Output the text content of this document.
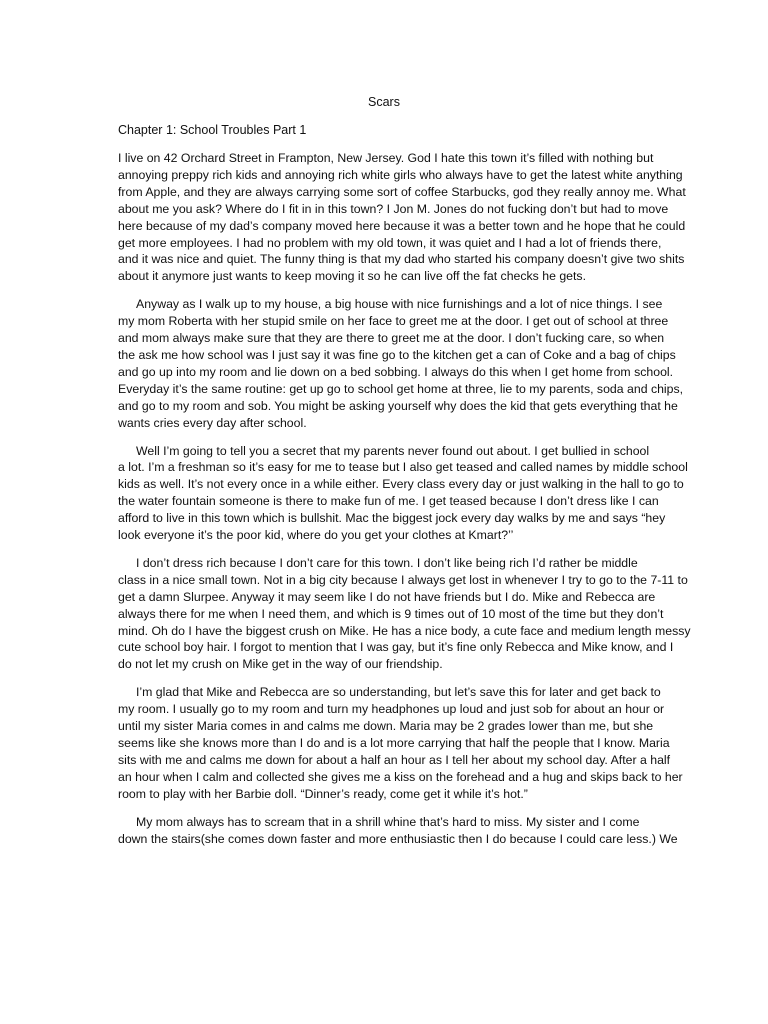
Scars
Chapter 1: School Troubles Part 1
I live on 42 Orchard Street in Frampton, New Jersey. God I hate this town it’s filled with nothing but
annoying preppy rich kids and annoying rich white girls who always have to get the latest white anything
from Apple, and they are always carrying some sort of coffee Starbucks, god they really annoy me. What
about me you ask? Where do I fit in in this town? I Jon M. Jones do not fucking don’t but had to move
here because of my dad’s company moved here because it was a better town and he hope that he could
get more employees. I had no problem with my old town, it was quiet and I had a lot of friends there,
and it was nice and quiet. The funny thing is that my dad who started his company doesn’t give two shits
about it anymore just wants to keep moving it so he can live off the fat checks he gets.
Anyway as I walk up to my house, a big house with nice furnishings and a lot of nice things. I see
my mom Roberta with her stupid smile on her face to greet me at the door. I get out of school at three
and mom always make sure that they are there to greet me at the door. I don’t fucking care, so when
the ask me how school was I just say it was fine go to the kitchen get a can of Coke and a bag of chips
and go up into my room and lie down on a bed sobbing. I always do this when I get home from school.
Everyday it’s the same routine: get up go to school get home at three, lie to my parents, soda and chips,
and go to my room and sob. You might be asking yourself why does the kid that gets everything that he
wants cries every day after school.
Well I’m going to tell you a secret that my parents never found out about. I get bullied in school
a lot. I’m a freshman so it’s easy for me to tease but I also get teased and called names by middle school
kids as well. It’s not every once in a while either. Every class every day or just walking in the hall to go to
the water fountain someone is there to make fun of me. I get teased because I don’t dress like I can
afford to live in this town which is bullshit. Mac the biggest jock every day walks by me and says “hey
look everyone it’s the poor kid, where do you get your clothes at Kmart?’’
I don’t dress rich because I don’t care for this town. I don’t like being rich I’d rather be middle
class in a nice small town. Not in a big city because I always get lost in whenever I try to go to the 7-11 to
get a damn Slurpee. Anyway it may seem like I do not have friends but I do. Mike and Rebecca are
always there for me when I need them, and which is 9 times out of 10 most of the time but they don’t
mind. Oh do I have the biggest crush on Mike. He has a nice body, a cute face and medium length messy
cute school boy hair. I forgot to mention that I was gay, but it’s fine only Rebecca and Mike know, and I
do not let my crush on Mike get in the way of our friendship.
I’m glad that Mike and Rebecca are so understanding, but let’s save this for later and get back to
my room. I usually go to my room and turn my headphones up loud and just sob for about an hour or
until my sister Maria comes in and calms me down. Maria may be 2 grades lower than me, but she
seems like she knows more than I do and is a lot more carrying that half the people that I know. Maria
sits with me and calms me down for about a half an hour as I tell her about my school day. After a half
an hour when I calm and collected she gives me a kiss on the forehead and a hug and skips back to her
room to play with her Barbie doll. “Dinner’s ready, come get it while it’s hot.”
My mom always has to scream that in a shrill whine that’s hard to miss. My sister and I come
down the stairs(she comes down faster and more enthusiastic then I do because I could care less.) We
